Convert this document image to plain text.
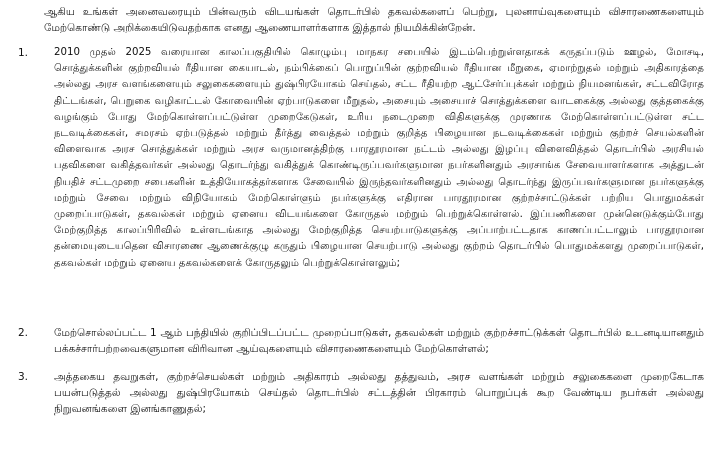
ஆகிய உங்கள் அனைவரையும் பின்வரும் விடயங்கள் தொடர்பில் தகவல்களைப் பெற்று, புலனாய்வுகளையும் விசாரணைகளையும் மேற்கொண்டு அறிக்கையிடுவதற்காக எனது ஆணையாளர்களாக இத்தால் நியமிக்கின்றேன்.

1.	2010 முதல் 2025 வரையான காலப்பகுதியில் கொழும்பு மாநகர சபையில் இடம்பெற்றுள்ளதாகக் கருதப்படும் ஊழல், மோசடி, சொத்துக்களின் குற்றவியல் ரீதியான கையாடல், நம்பிக்கைப் பொறுப்பின் குற்றவியல் ரீதியான மீறுகை, ஏமாற்றுதல் மற்றும் அதிகாரத்தை அல்லது அரச வளங்களையும் சலுகைகளையும் துஷ்பிரயோகம் செய்தல், சட்ட ரீதியற்ற ஆட்சேர்ப்புக்கள் மற்றும் நியமனங்கள், சட்டவிரோத திட்டங்கள், பெறுகை வழிகாட்டல் கோவையின் ஏற்பாடுகளை மீறுதல், அசையும் அசையாச் சொத்துக்களை வாடகைக்கு அல்லது குத்தகைக்கு வழங்கும் போது மேற்கொள்ளப்பட்டுள்ள முறைகேடுகள், உரிய நடைமுறை விதிகளுக்கு முரணாக மேற்கொள்ளப்பட்டுள்ள சட்ட நடவடிக்கைகள், சமரசம் ஏற்படுத்தல் மற்றும் தீர்த்து வைத்தல் மற்றும் குறித்த பிழையான நடவடிக்கைகள் மற்றும் குற்றச் செயல்களின் விளைவாக அரச சொத்துக்கள் மற்றும் அரச வருமானத்திற்கு பாரதூரமான நட்டம் அல்லது இழப்பு விளைவித்தல் தொடர்பில் அரசியல் பதவிகளை வகித்தவர்கள் அல்லது தொடர்ந்து வகித்துக் கொண்டிருப்பவர்களுமான நபர்களினதும் அரசாங்க சேவையாளர்களாக அத்துடன் நியதிச் சட்டமுறை சபைகளின் உத்தியோகத்தர்களாக சேவையில் இருந்தவர்களினதும் அல்லது தொடர்ந்து இருப்பவர்களுமான நபர்களுக்கு மற்றும் சேவை மற்றும் விநியோகம் மேற்கொள்ளும் நபர்களுக்கு எதிரான பாரதூரமான குற்றச்சாட்டுக்கள் பற்றிய பொதுமக்கள் முறைப்பாடுகள், தகவல்கள் மற்றும் ஏனைய விடயங்களை கோருதல் மற்றும் பெற்றுக்கொள்ளல். இப்பணிகளை முன்னெடுக்கும்போது மேற்குறித்த காலப்பிரிவில் உள்ளடங்காத அல்லது மேற்குறித்த செயற்பாடுகளுக்கு அப்பாற்பட்டதாக காணப்பட்டாலும் பாரதூரமான தன்மையுடையதென விசாரணை ஆணைக்குழு கருதும் பிழையான செயற்பாடு அல்லது குற்றம் தொடர்பில் பொதுமக்களது முறைப்பாடுகள், தகவல்கள் மற்றும் ஏனைய தகவல்களைக் கோருதலும் பெற்றுக்கொள்ளலும்;

2. மேற்சொல்லப்பட்ட 1 ஆம் பந்தியில் குறிப்பிடப்பட்ட முறைப்பாடுகள், தகவல்கள் மற்றும் குற்றச்சாட்டுக்கள் தொடர்பில் உடனடியானதும் பக்கச்சார்பற்றவைகளுமான விரிவான ஆய்வுகளையும் விசாரணைகளையும் மேற்கொள்ளல்;

3. அத்தகைய தவறுகள், குற்றச்செயல்கள் மற்றும் அதிகாரம் அல்லது தத்துவம், அரச வளங்கள் மற்றும் சலுகைகளை முறைகேடாக பயன்படுத்தல் அல்லது துஷ்பிரயோகம் செய்தல் தொடர்பில் சட்டத்தின் பிரகாரம் பொறுப்புக் கூற வேண்டிய நபர்கள் அல்லது நிறுவனங்களை இனங்காணுதல்;
